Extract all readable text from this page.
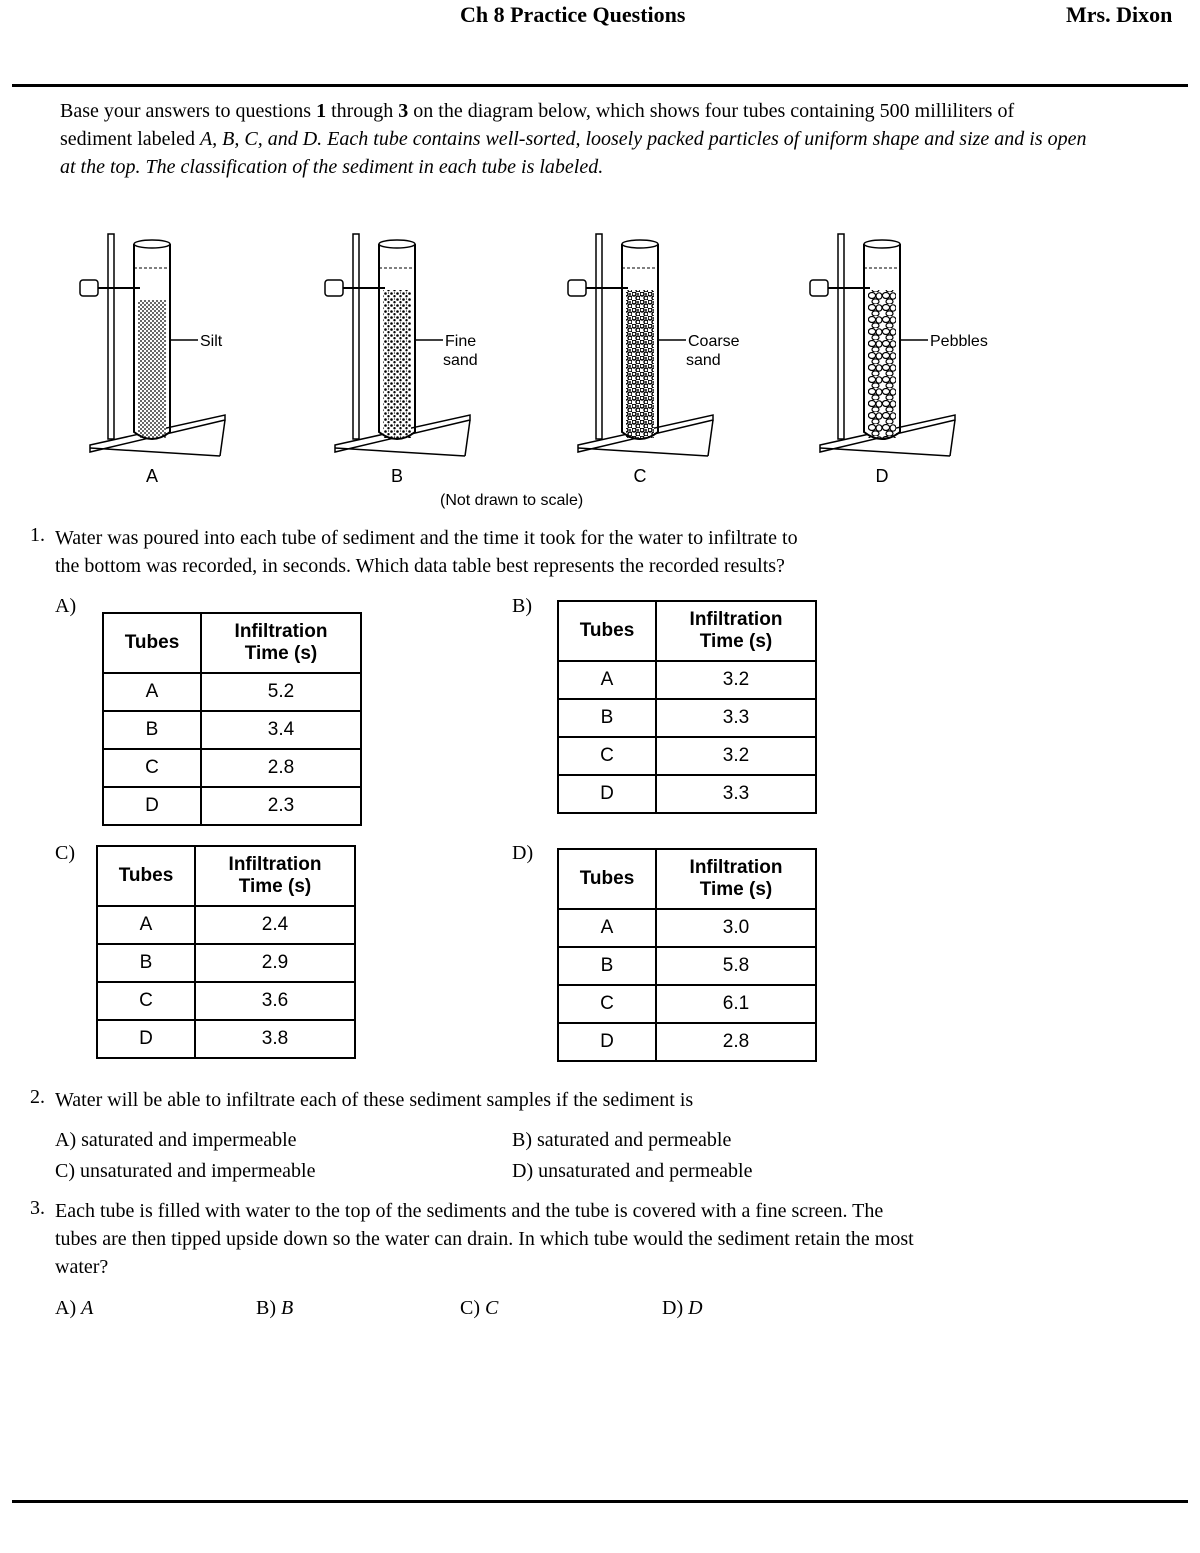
Ch 8 Practice Questions	Mrs. Dixon
Base your answers to questions 1 through 3 on the diagram below, which shows four tubes containing 500 milliliters of sediment labeled A, B, C, and D. Each tube contains well-sorted, loosely packed particles of uniform shape and size and is open at the top. The classification of the sediment in each tube is labeled.
Silt
A
Fine
sand
B
Coarse
sand
C
Pebbles
D
(Not drawn to scale)
1. Water was poured into each tube of sediment and the time it took for the water to infiltrate to
the bottom was recorded, in seconds. Which data table best represents the recorded results?
A)	B)
C)	D)
Tubes	Infiltration
Time (s)
A	5.2
B	3.4
C	2.8
D	2.3
Tubes	Infiltration
Time (s)
A	3.2
B	3.3
C	3.2
D	3.3
Tubes	Infiltration
Time (s)
A	2.4
B	2.9
C	3.6
D	3.8
Tubes	Infiltration
Time (s)
A	3.0
B	5.8
C	6.1
D	2.8
2. Water will be able to infiltrate each of these sediment samples if the sediment is
A) saturated and impermeable	B) saturated and permeable
C) unsaturated and impermeable	D) unsaturated and permeable
3. Each tube is filled with water to the top of the sediments and the tube is covered with a fine screen. The
tubes are then tipped upside down so the water can drain. In which tube would the sediment retain the most
water?
A) A	B) B	C) C	D) D
